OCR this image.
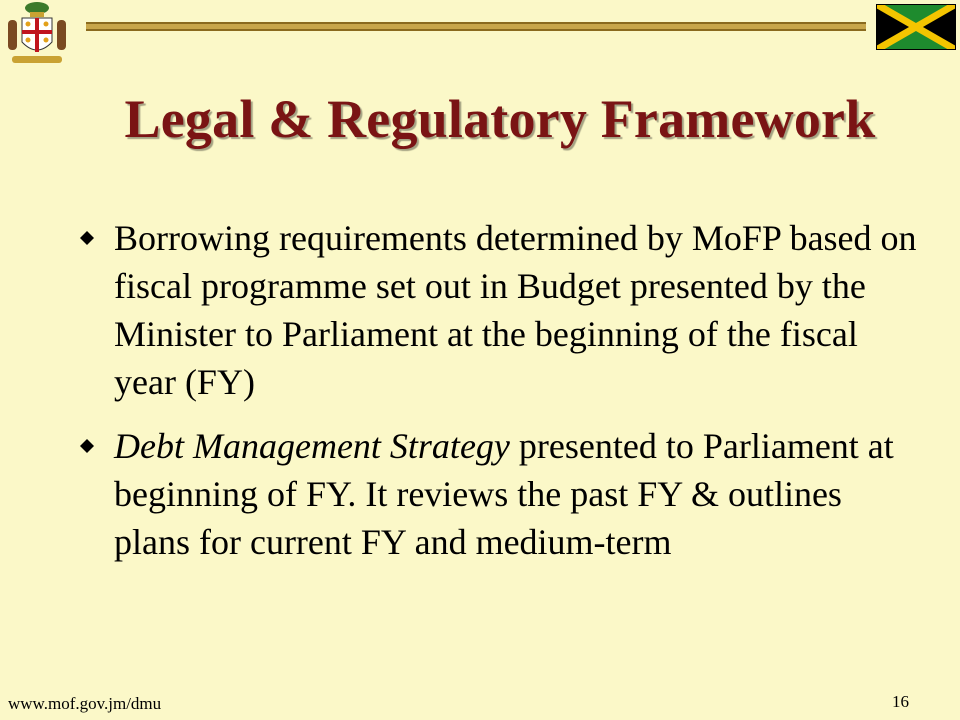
Legal & Regulatory Framework
Borrowing requirements determined by MoFP based on fiscal programme set out in Budget presented by the Minister to Parliament at the beginning of the fiscal year (FY)
Debt Management Strategy presented to Parliament at beginning of FY. It reviews the past FY & outlines plans for current FY and medium-term
www.mof.gov.jm/dmu	16
